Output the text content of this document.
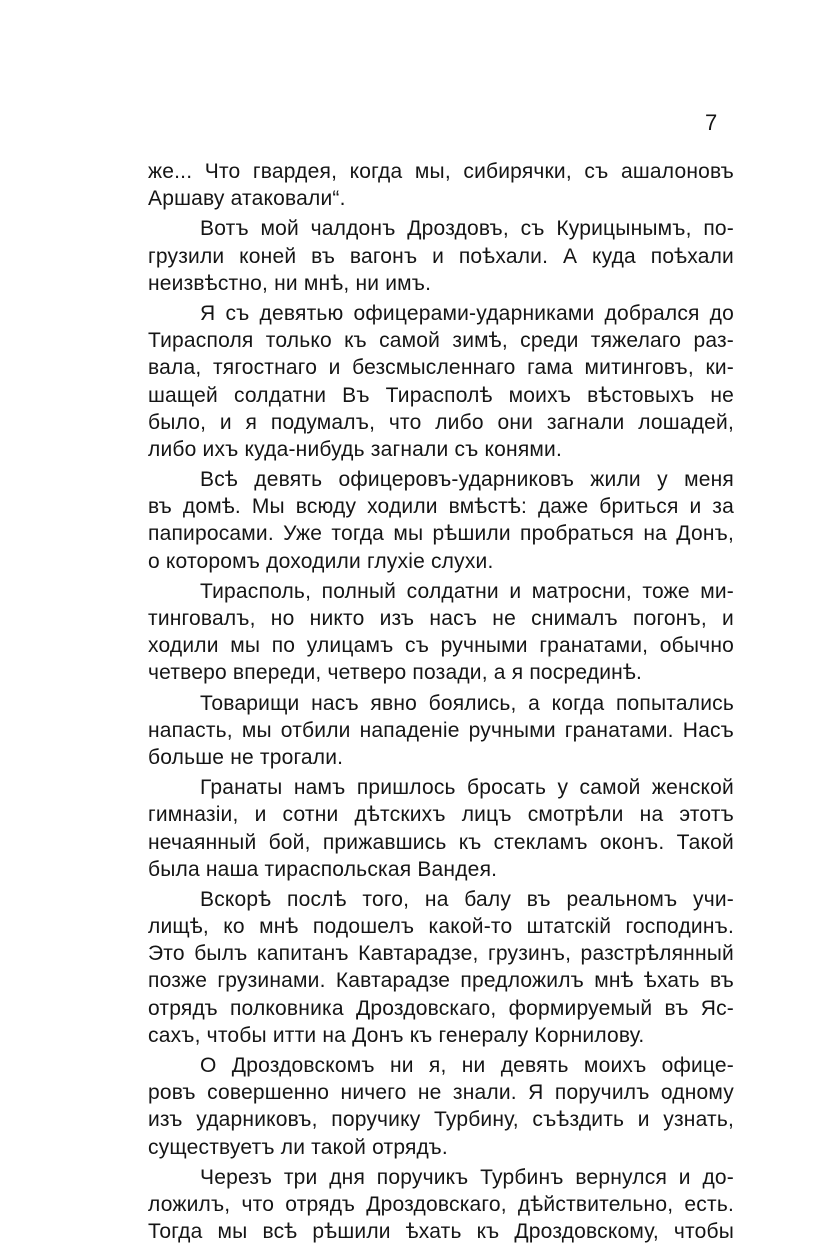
7
же... Что гвардея, когда мы, сибирячки, съ ашалоновъ
Аршаву атаковали“.
Вотъ мой чалдонъ Дроздовъ, съ Курицынымъ, по-
грузили коней въ вагонъ и поѣхали. А куда поѣхали
неизвѣстно, ни мнѣ, ни имъ.
Я съ девятью офицерами-ударниками добрался до
Тирасполя только къ самой зимѣ, среди тяжелаго раз-
вала, тягостнаго и безсмысленнаго гама митинговъ, ки-
шащей солдатни Въ Тирасполѣ моихъ вѣстовыхъ не
было, и я подумалъ, что либо они загнали лошадей,
либо ихъ куда-нибудь загнали съ конями.
Всѣ девять офицеровъ-ударниковъ жили у меня
въ домѣ. Мы всюду ходили вмѣстѣ: даже бриться и за
папиросами. Уже тогда мы рѣшили пробраться на Донъ,
о которомъ доходили глухіе слухи.
Тирасполь, полный солдатни и матросни, тоже ми-
тинговалъ, но никто изъ насъ не снималъ погонъ, и
ходили мы по улицамъ съ ручными гранатами, обычно
четверо впереди, четверо позади, а я посрединѣ.
Товарищи насъ явно боялись, а когда попытались
напасть, мы отбили нападеніе ручными гранатами. Насъ
больше не трогали.
Гранаты намъ пришлось бросать у самой женской
гимназіи, и сотни дѣтскихъ лицъ смотрѣли на этотъ
нечаянный бой, прижавшись къ стекламъ оконъ. Такой
была наша тираспольская Вандея.
Вскорѣ послѣ того, на балу въ реальномъ учи-
лищѣ, ко мнѣ подошелъ какой-то штатскій господинъ.
Это былъ капитанъ Кавтарадзе, грузинъ, разстрѣлянный
позже грузинами. Кавтарадзе предложилъ мнѣ ѣхать въ
отрядъ полковника Дроздовскаго, формируемый въ Яс-
сахъ, чтобы итти на Донъ къ генералу Корнилову.
О Дроздовскомъ ни я, ни девять моихъ офице-
ровъ совершенно ничего не знали. Я поручилъ одному
изъ ударниковъ, поручику Турбину, съѣздить и узнать,
существуетъ ли такой отрядъ.
Черезъ три дня поручикъ Турбинъ вернулся и до-
ложилъ, что отрядъ Дроздовскаго, дѣйствительно, есть.
Тогда мы всѣ рѣшили ѣхать къ Дроздовскому, чтобы
